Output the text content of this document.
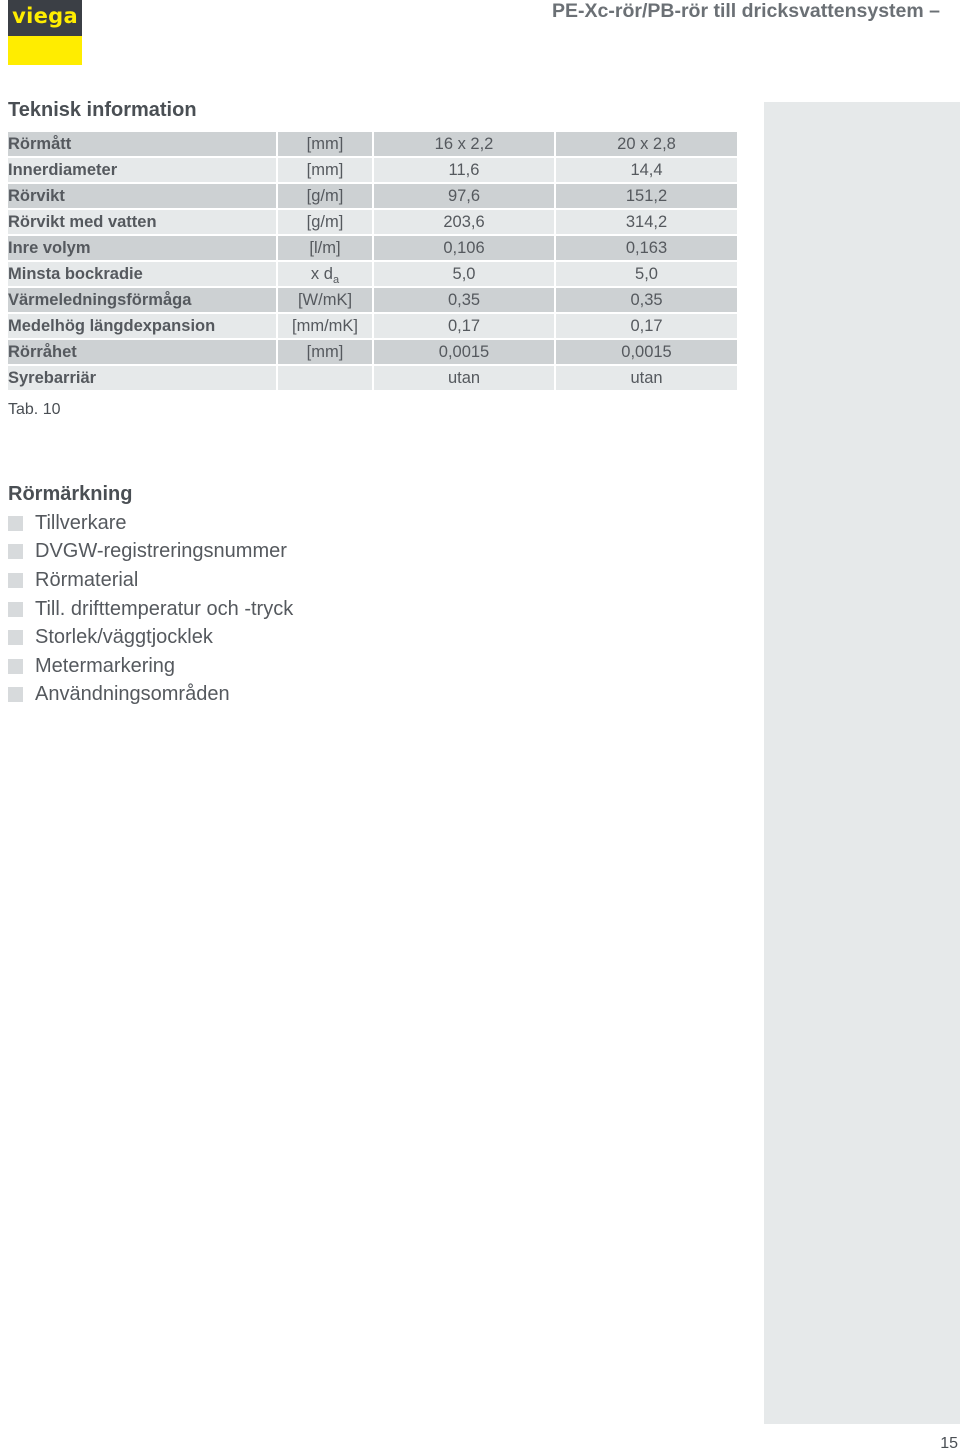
viega	PE-Xc-rör/PB-rör till dricksvattensystem –
Teknisk information
Rörmått	[mm]	16 x 2,2	20 x 2,8
Innerdiameter	[mm]	11,6	14,4
Rörvikt	[g/m]	97,6	151,2
Rörvikt med vatten	[g/m]	203,6	314,2
Inre volym	[l/m]	0,106	0,163
Minsta bockradie	x $d_a$	5,0	5,0
Värmeledningsförmåga	[W/mK]	0,35	0,35
Medelhög längdexpansion	[mm/mK]	0,17	0,17
Rörråhet	[mm]	0,0015	0,0015
Syrebarriär		utan	utan
Tab. 10
Rörmärkning
Tillverkare
DVGW-registreringsnummer
Rörmaterial
Till. drifttemperatur och -tryck
Storlek/väggtjocklek
Metermarkering
Användningsområden
15
